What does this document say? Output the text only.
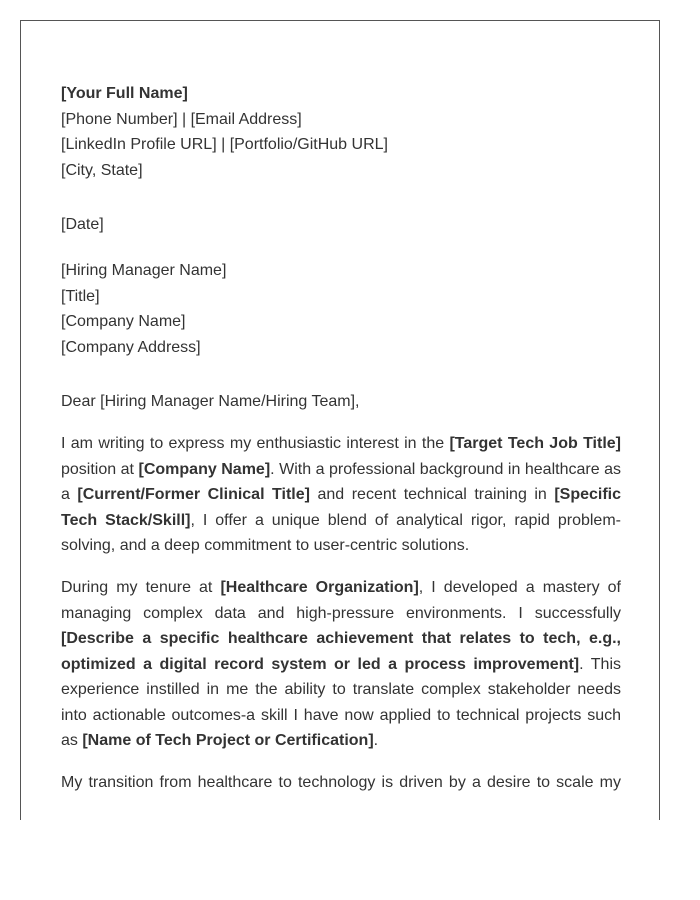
[Your Full Name]
[Phone Number] | [Email Address]
[LinkedIn Profile URL] | [Portfolio/GitHub URL]
[City, State]
[Date]
[Hiring Manager Name]
[Title]
[Company Name]
[Company Address]
Dear [Hiring Manager Name/Hiring Team],

I am writing to express my enthusiastic interest in the [Target Tech Job Title] position at [Company Name]. With a professional background in healthcare as a [Current/Former Clinical Title] and recent technical training in [Specific Tech Stack/Skill], I offer a unique blend of analytical rigor, rapid problem-solving, and a deep commitment to user-centric solutions.

During my tenure at [Healthcare Organization], I developed a mastery of managing complex data and high-pressure environments. I successfully [Describe a specific healthcare achievement that relates to tech, e.g., optimized a digital record system or led a process improvement]. This experience instilled in me the ability to translate complex stakeholder needs into actionable outcomes-a skill I have now applied to technical projects such as [Name of Tech Project or Certification].

My transition from healthcare to technology is driven by a desire to scale my
